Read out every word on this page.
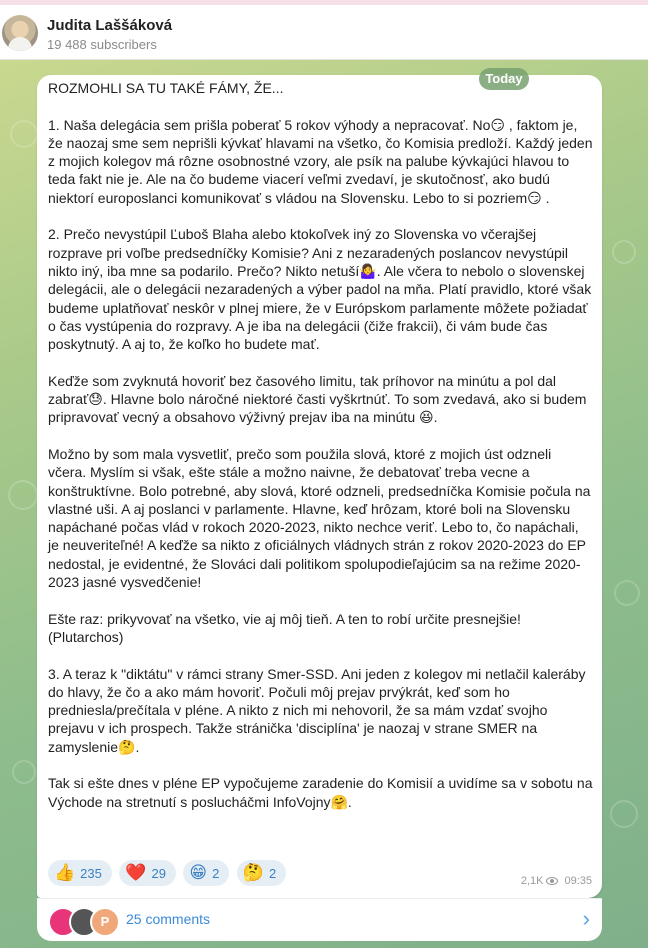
Judita Laššáková
19 488 subscribers

ROZMOHLI SA TU TAKÉ FÁMY, ŽE...

1. Naša delegácia sem prišla poberať 5 rokov výhody a nepracovať. No😏 , faktom je, že naozaj sme sem neprišli kývkať hlavami na všetko, čo Komisia predloží. Každý jeden z mojich kolegov má rôzne osobnostné vzory, ale psík na palube kývkajúci hlavou to teda fakt nie je. Ale na čo budeme viacerí veľmi zvedaví, je skutočnosť, ako budú niektorí europoslanci komunikovať s vládou na Slovensku. Lebo to si pozriem😏 .

2. Prečo nevystúpil Ľuboš Blaha alebo ktokoľvek iný zo Slovenska vo včerajšej rozprave pri voľbe predsedníčky Komisie? Ani z nezaradených poslancov nevystúpil nikto iný, iba mne sa podarilo. Prečo? Nikto netuší🤷‍♀️. Ale včera to nebolo o slovenskej delegácii, ale o delegácii nezaradených a výber padol na mňa. Platí pravidlo, ktoré však budeme uplatňovať neskôr v plnej miere, že v Európskom parlamente môžete požiadať o čas vystúpenia do rozpravy. A je iba na delegácii (čiže frakcii), či vám bude čas poskytnutý. A aj to, že koľko ho budete mať.

Keďže som zvyknutá hovoriť bez časového limitu, tak príhovor na minútu a pol dal zabrať😓. Hlavne bolo náročné niektoré časti vyškrtnúť. To som zvedavá, ako si budem pripravovať vecný a obsahovo výživný prejav iba na minútu 😆.

Možno by som mala vysvetliť, prečo som použila slová, ktoré z mojich úst odzneli včera. Myslím si však, ešte stále a možno naivne, že debatovať treba vecne a konštruktívne. Bolo potrebné, aby slová, ktoré odzneli, predsedníčka Komisie počula na vlastné uši. A aj poslanci v parlamente. Hlavne, keď hrôzam, ktoré boli na Slovensku napáchané počas vlád v rokoch 2020-2023, nikto nechce veriť. Lebo to, čo napáchali, je neuveriteľné! A keďže sa nikto z oficiálnych vládnych strán z rokov 2020-2023 do EP nedostal, je evidentné, že Slováci dali politikom spolupodieľajúcim sa na režime 2020-2023 jasné vysvedčenie!

Ešte raz: prikyvovať na všetko, vie aj môj tieň. A ten to robí určite presnejšie! (Plutarchos)

3. A teraz k "diktátu" v rámci strany Smer-SSD. Ani jeden z kolegov mi netlačil kaleráby do hlavy, že čo a ako mám hovoriť. Počuli môj prejav prvýkrát, keď som ho predniesla/prečítala v pléne. A nikto z nich mi nehovoril, že sa mám vzdať svojho prejavu v ich prospech. Takže stránička 'disciplína' je naozaj v strane SMER na zamyslenie🤔.

Tak si ešte dnes v pléne EP vypočujeme zaradenie do Komisií a uvidíme sa v sobotu na Východe na stretnutí s poslucháčmi InfoVojny🤗.

👍 235
❤️ 29
😁 2
🤔 2
2,1K 09:35
P	25 comments	›
Today
